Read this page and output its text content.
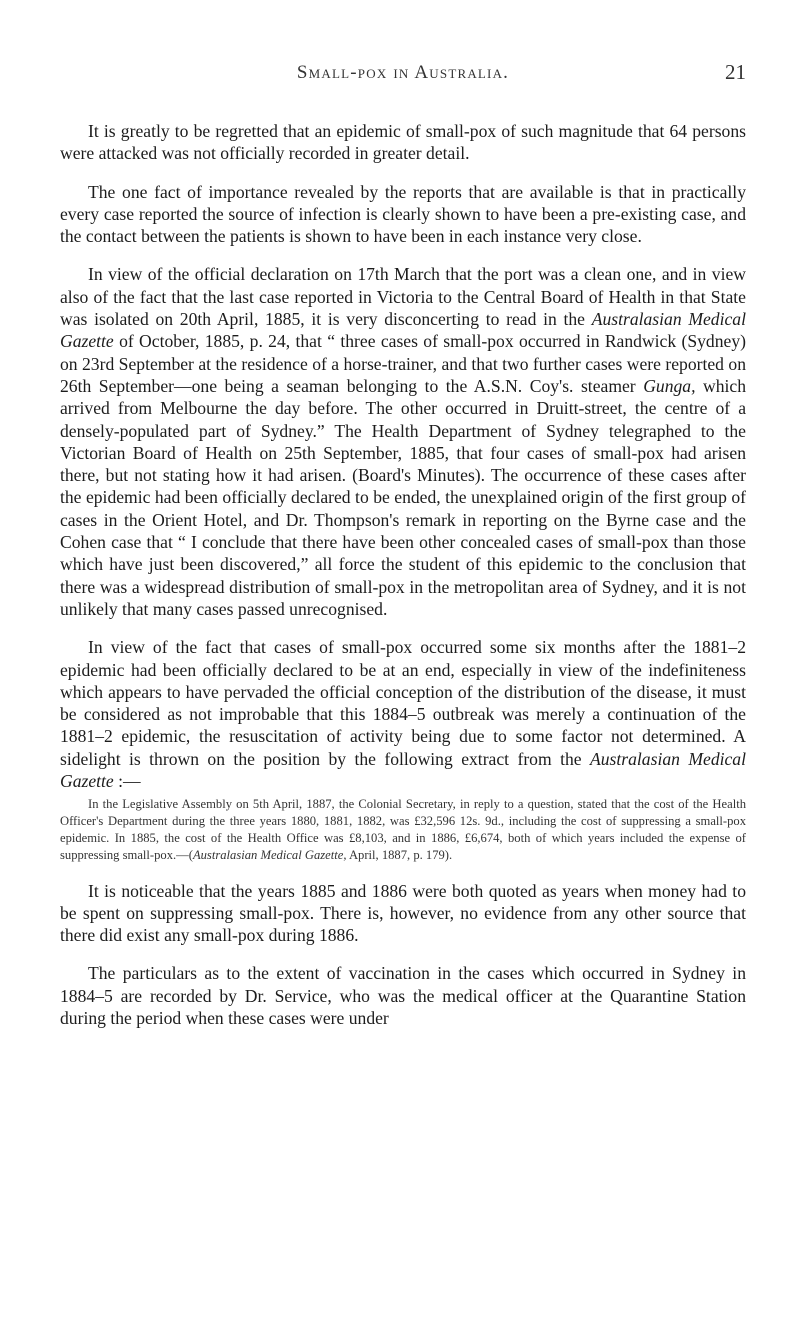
Small-pox in Australia.	21

It is greatly to be regretted that an epidemic of small-pox of such magnitude that 64 persons were attacked was not officially recorded in greater detail.

The one fact of importance revealed by the reports that are available is that in practically every case reported the source of infection is clearly shown to have been a pre-existing case, and the contact between the patients is shown to have been in each instance very close.

In view of the official declaration on 17th March that the port was a clean one, and in view also of the fact that the last case reported in Victoria to the Central Board of Health in that State was isolated on 20th April, 1885, it is very disconcerting to read in the Australasian Medical Gazette of October, 1885, p. 24, that “ three cases of small-pox occurred in Randwick (Sydney) on 23rd September at the residence of a horse-trainer, and that two further cases were reported on 26th September—one being a seaman belonging to the A.S.N. Coy's. steamer Gunga, which arrived from Melbourne the day before. The other occurred in Druitt-street, the centre of a densely-populated part of Sydney.” The Health Department of Sydney telegraphed to the Victorian Board of Health on 25th September, 1885, that four cases of small-pox had arisen there, but not stating how it had arisen. (Board's Minutes). The occurrence of these cases after the epidemic had been officially declared to be ended, the unexplained origin of the first group of cases in the Orient Hotel, and Dr. Thompson's remark in reporting on the Byrne case and the Cohen case that “ I conclude that there have been other concealed cases of small-pox than those which have just been discovered,” all force the student of this epidemic to the conclusion that there was a widespread distribution of small-pox in the metropolitan area of Sydney, and it is not unlikely that many cases passed unrecognised.

In view of the fact that cases of small-pox occurred some six months after the 1881–2 epidemic had been officially declared to be at an end, especially in view of the indefiniteness which appears to have pervaded the official conception of the distribution of the disease, it must be considered as not improbable that this 1884–5 outbreak was merely a continuation of the 1881–2 epidemic, the resuscitation of activity being due to some factor not determined. A sidelight is thrown on the position by the following extract from the Australasian Medical Gazette :—

In the Legislative Assembly on 5th April, 1887, the Colonial Secretary, in reply to a question, stated that the cost of the Health Officer's Department during the three years 1880, 1881, 1882, was £32,596 12s. 9d., including the cost of suppressing a small-pox epidemic. In 1885, the cost of the Health Office was £8,103, and in 1886, £6,674, both of which years included the expense of suppressing small-pox.—(Australasian Medical Gazette, April, 1887, p. 179).

It is noticeable that the years 1885 and 1886 were both quoted as years when money had to be spent on suppressing small-pox. There is, however, no evidence from any other source that there did exist any small-pox during 1886.

The particulars as to the extent of vaccination in the cases which occurred in Sydney in 1884–5 are recorded by Dr. Service, who was the medical officer at the Quarantine Station during the period when these cases were under
